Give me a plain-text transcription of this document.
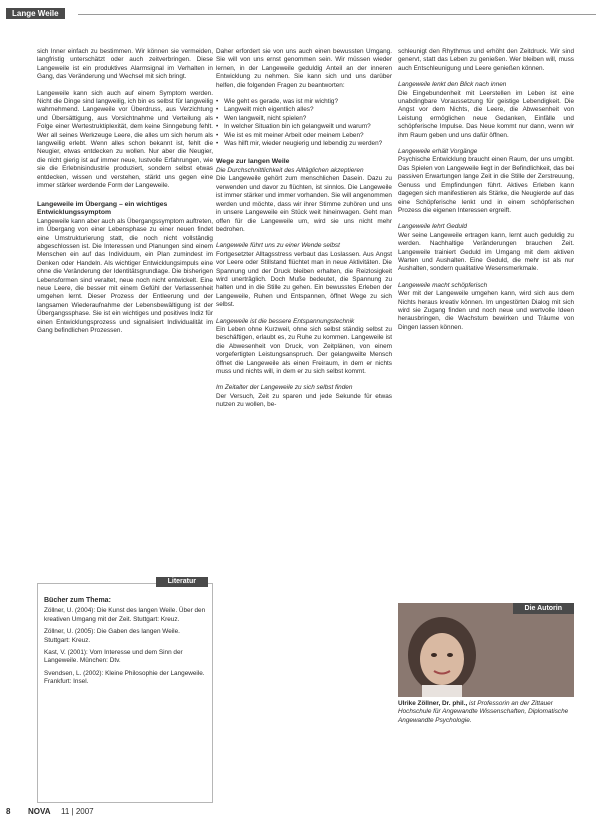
Lange Weile

sich Inner einfach zu bestimmen. Wir können sie vermeiden, langfristig unterschätzt oder auch zeitverbringen. Diese Langeweile ist ein produktives Alarmsignal im Verhalten in Gang, das Veränderung und Wechsel mit sich bringt.

Langeweile kann sich auch auf einem Symptom werden. Nicht die Dinge sind langweilig, ich bin es selbst für langweilig wahrnehmend. Langeweile vor Überdruss, aus Verzichtung und Übersättigung, aus Vorsichtnahme und Verteilung als Folge einer Wertestruktiplexität, dem keine Sinngebung fehlt. Wer all seines Werkzeuge Leere, die alles um sich herum als langweilig erlebt. Wenn alles schon bekannt ist, fehlt die Neugier, etwas entdecken zu wollen. Nur aber die Neugier, die nicht gierig ist auf immer neue, lustvolle Erfahrungen, wie sie die Erlebnisindustrie produziert, sondern selbst etwas entdecken, wissen und verstehen, stärkt uns gegen eine immer stärker werdende Form der Langeweile.

Langeweile im Übergang – ein wichtiges Entwicklungssymptom

Langeweile kann aber auch als Übergangssymptom auftreten, im Übergang von einer Lebensphase zu einer neuen findet eine Umstrukturierung statt, die noch nicht vollständig abgeschlossen ist. Die Interessen und Planungen sind einem Menschen ein auf das Individuum, ein Plan zumindest im Denken oder Handeln. Als wichtiger Entwicklungsimpuls eine ohne die Veränderung der Identitätsgrundlage. Die bisherigen Lebensformen sind veraltet, neue noch nicht entwickelt. Eine neue Leere, die besser mit einem Gefühl der Verlassenheit umgehen lernt. Dieser Prozess der Entleerung und der langsamen Wiederaufnahme der Lebensbewältigung ist der Übergangssphase. Sie ist ein wichtiges und positives Indiz für einen Entwicklungsprozess und signalisiert Individualität im Gang befindlichen Prozessen.

Daher erfordert sie von uns auch einen bewussten Umgang. Sie will von uns ernst genommen sein. Wir müssen wieder lernen, in der Langeweile geduldig Anteil an der inneren Entwicklung zu nehmen. Sie kann sich und uns darüber helfen, die folgenden Fragen zu beantworten:

• Wie geht es gerade, was ist mir wichtig?
• Langweilt mich eigentlich alles?
• Wen langweilt, nicht spielen?
• In welcher Situation bin ich gelangweilt und warum?
• Wie ist es mit meiner Arbeit oder meinem Leben?
• Was hilft mir, wieder neugierig und lebendig zu werden?
Wege zur langen Weile
Die Durchschnittlichkeit des Alltäglichen akzeptieren

Die Langeweile gehört zum menschlichen Dasein. Dazu zu verwenden und davor zu flüchten, ist sinnlos. Die Langeweile ist immer stärker und immer vorhanden. Sie will angenommen werden und möchte, dass wir ihrer Stimme zuhören und uns in unsere Langeweile ein Stück weit hineinwagen. Geht man offen für die Langeweile um, wird sie uns nicht mehr bedrohen.

Langeweile führt uns zu einer Wende selbst

Fortgesetzter Alltagsstress verbaut das Loslassen. Aus Angst vor Leere oder Stillstand flüchtet man in neue Aktivitäten. Die Spannung und der Druck bleiben erhalten, die Reizlosigkeit wird unerträglich. Doch Muße bedeutet, die Spannung zu halten und in die Stille zu gehen. Ein bewusstes Erleben der Langeweile, Ruhen und Entspannen, öffnet Wege zu sich selbst.

Langeweile ist die bessere Entspannungstechnik

Ein Leben ohne Kurzweil, ohne sich selbst ständig selbst zu beschäftigen, erlaubt es, zu Ruhe zu kommen. Langeweile ist die Abwesenheit von Druck, von Zeitplänen, von einem vorgefertigten Leistungsanspruch. Der gelangweilte Mensch öffnet die Langeweile als einen Freiraum, in dem er nichts muss und nichts will, in dem er zu sich selbst kommt.

Im Zeitalter der Langeweile zu sich selbst finden

Der Versuch, Zeit zu sparen und jede Sekunde für etwas nutzen zu wollen, be-

schleunigt den Rhythmus und erhöht den Zeitdruck. Wir sind genervt, statt das Leben zu genießen. Wer bleiben will, muss auch Entschleunigung und Leere genießen können.

Langeweile lenkt den Blick nach innen

Die Eingebundenheit mit Leerstellen im Leben ist eine unabdingbare Voraussetzung für geistige Lebendigkeit. Die Angst vor dem Nichts, die Leere, die Abwesenheit von Leistung ermöglichen neue Gedanken, Einfälle und schöpferische Impulse. Das Neue kommt nur dann, wenn wir ihm Raum geben und uns dafür öffnen.

Langeweile erhält Vorgänge

Psychische Entwicklung braucht einen Raum, der uns umgibt. Das Spielen von Langeweile liegt in der Befindlichkeit, das bei passiven Erwartungen lange Zeit in die Stille der Zerstreuung, Genuss und Empfindungen führt. Aktives Erleben kann dagegen sich manifestieren als Stärke, die Neugierde auf das eine Schöpferische lenkt und in einem schöpferischen Prozess die eigenen Interessen ergreift.

Langeweile lehrt Geduld

Wer seine Langeweile ertragen kann, lernt auch geduldig zu werden. Nachhaltige Veränderungen brauchen Zeit. Langeweile trainiert Geduld im Umgang mit dem aktiven Warten und Aushalten. Eine Geduld, die mehr ist als nur Aushalten, sondern qualitative Wesensmerkmale.

Langeweile macht schöpferisch

Wer mit der Langeweile umgehen kann, wird sich aus dem Nichts heraus kreativ können. Im ungestörten Dialog mit sich wird sie Zugang finden und noch neue und wertvolle Ideen herausbringen, die Wachstum bewirken und Träume von Dingen lassen können.

Literatur
Bücher zum Thema:

Zöllner, U. (2004): Die Kunst des langen Weile. Über den kreativen Umgang mit der Zeit. Stuttgart: Kreuz.

Zöllner, U. (2005): Die Gaben des langen Weile. Stuttgart: Kreuz.

Kast, V. (2001): Vom Interesse und dem Sinn der Langeweile. München: Dtv.

Svendsen, L. (2002): Kleine Philosophie der Langeweile. Frankfurt: Insel.

Die Autorin
Ulrike Zöllner, Dr. phil., ist Professorin an der Zittauer Hochschule für Angewandte Wissenschaften, Diplomatische Angewandte Psychologie.
8 NOVA 11 | 2007
